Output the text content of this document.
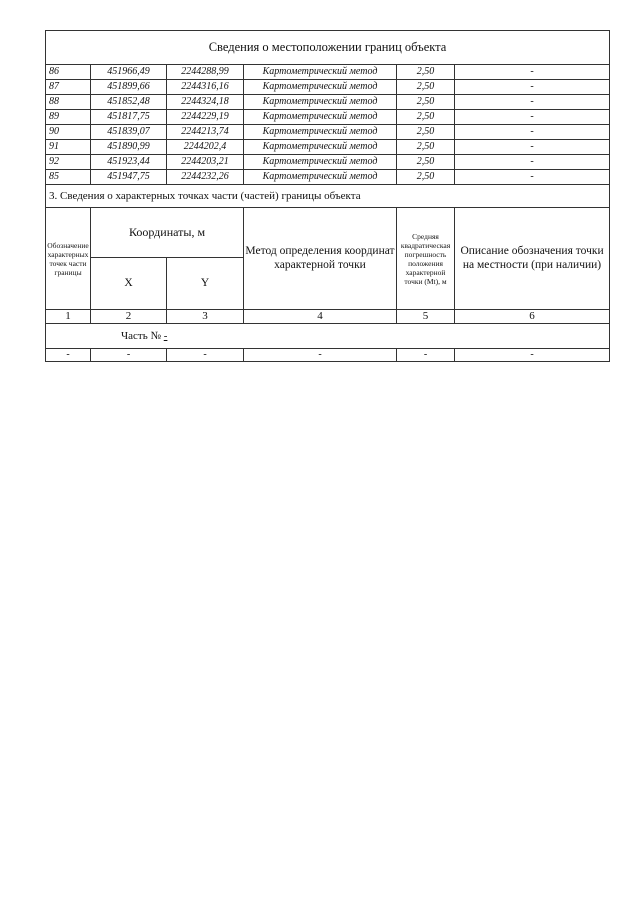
Сведения о местоположении границ объекта					
86	451966,49	2244288,99	Картометрический метод	2,50	-
87	451899,66	2244316,16	Картометрический метод	2,50	-
88	451852,48	2244324,18	Картометрический метод	2,50	-
89	451817,75	2244229,19	Картометрический метод	2,50	-
90	451839,07	2244213,74	Картометрический метод	2,50	-
91	451890,99	2244202,4	Картометрический метод	2,50	-
92	451923,44	2244203,21	Картометрический метод	2,50	-
85	451947,75	2244232,26	Картометрический метод	2,50	-
3. Сведения о характерных точках части (частей) границы объекта					
Обозначение характерных точек части границы	Координаты, м		Метод определения координат характерной точки	Средняя квадратическая погрешность положения характерной точки (Mt), м	Описание обозначения точки на местности (при наличии)
	X	Y			
1	2	3	4	5	6
Часть № -					
-	-	-	-	-	-
